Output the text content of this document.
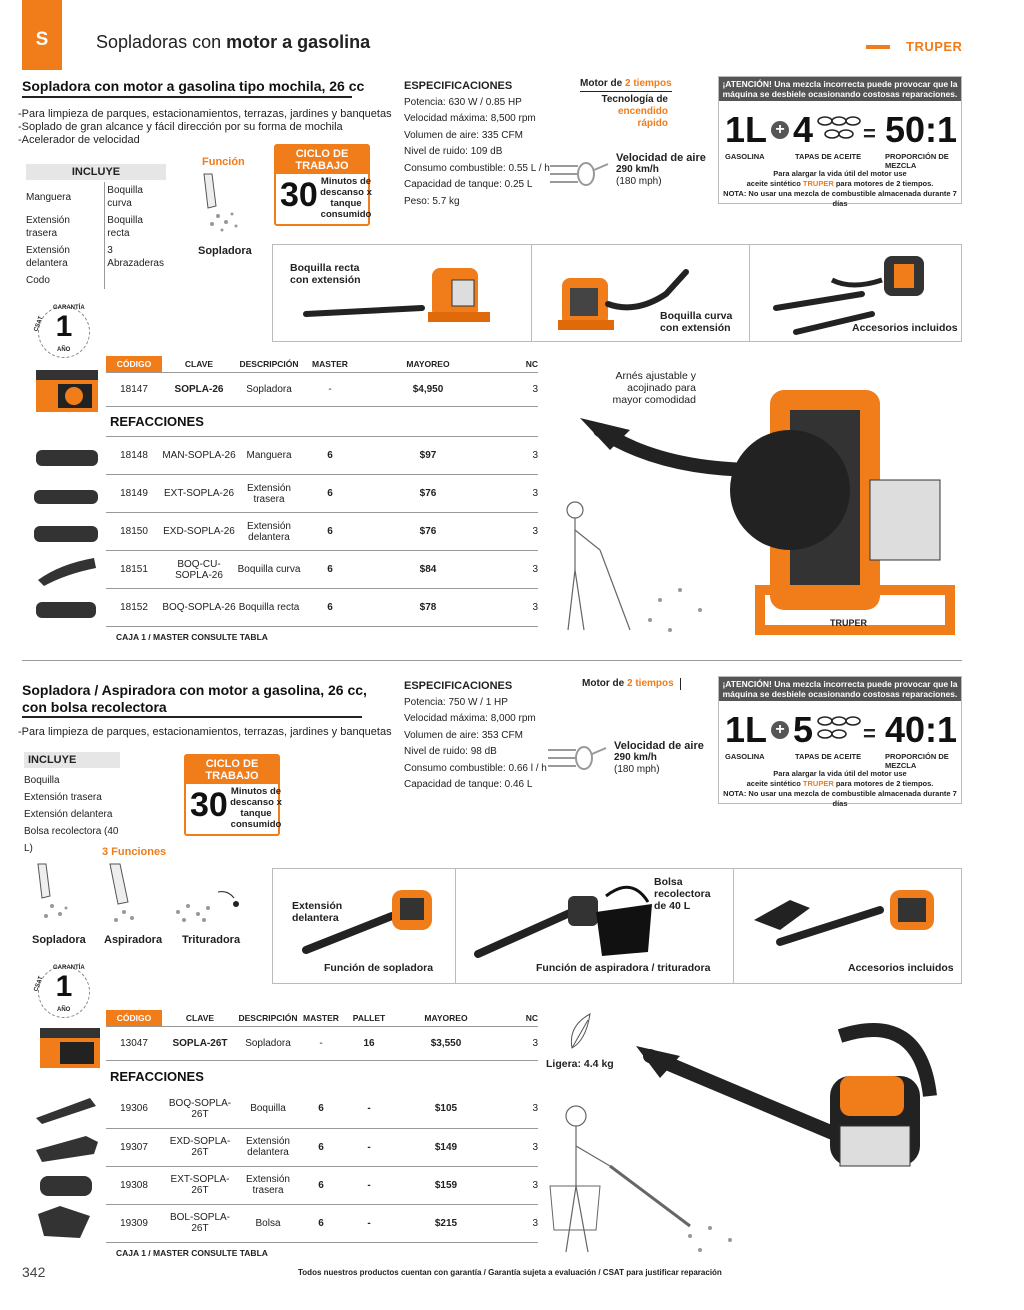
S	Sopladoras con motor a gasolina	TRUPER
Sopladora con motor a gasolina tipo mochila, 26 cc
-Para limpieza de parques, estacionamientos, terrazas, jardines y banquetas
-Soplado de gran alcance y fácil dirección por su forma de mochila
-Acelerador de velocidad
INCLUYE
Manguera	Boquilla curva
Extensión trasera	Boquilla recta
Extensión delantera	3 Abrazaderas
Codo	
Función
Sopladora
CICLO DE TRABAJO
30 Minutos de descanso x tanque consumido
ESPECIFICACIONES
Potencia: 630 W / 0.85 HP
Velocidad máxima: 8,500 rpm
Volumen de aire: 335 CFM
Nivel de ruido: 109 dB
Consumo combustible: 0.55 L / h
Capacidad de tanque: 0.25 L
Peso: 5.7 kg
Motor de 2 tiempos
Tecnología de
encendido rápido
Velocidad de aire
290 km/h
(180 mph)
¡ATENCIÓN! Una mezcla incorrecta puede provocar que la máquina se desbiele ocasionando costosas reparaciones.
1L + 4 = 50:1
GASOLINA	TAPAS DE ACEITE	PROPORCIÓN DE MEZCLA
Para alargar la vida útil del motor use
aceite sintético TRUPER para motores de 2 tiempos.
NOTA: No usar una mezcla de combustible almacenada durante 7 días
Boquilla recta con extensión
Boquilla curva con extensión	Accesorios incluidos
1
CSAT
GARANTÍA
AÑO
CÓDIGO	CLAVE	DESCRIPCIÓN	MASTER	MAYOREO	NC
18147	SOPLA-26	Sopladora	-	$4,950	3
REFACCIONES
18148	MAN-SOPLA-26	Manguera	6	$97	3
18149	EXT-SOPLA-26	Extensión trasera	6	$76	3
18150	EXD-SOPLA-26	Extensión delantera	6	$76	3
18151	BOQ-CU-SOPLA-26	Boquilla curva	6	$84	3
18152	BOQ-SOPLA-26	Boquilla recta	6	$78	3
CAJA 1 / MASTER CONSULTE TABLA
Arnés ajustable y acojinado para mayor comodidad
TRUPER
Sopladora / Aspiradora con motor a gasolina, 26 cc,
con bolsa recolectora
-Para limpieza de parques, estacionamientos, terrazas, jardines y banquetas
INCLUYE
Boquilla
Extensión trasera
Extensión delantera
Bolsa recolectora (40 L)
CICLO DE TRABAJO
30 Minutos de descanso x tanque consumido
3 Funciones
Sopladora Aspiradora Trituradora
ESPECIFICACIONES
Potencia: 750 W / 1 HP
Velocidad máxima: 8,000 rpm
Volumen de aire: 353 CFM
Nivel de ruido: 98 dB
Consumo combustible: 0.66 l / h
Capacidad de tanque: 0.46 L
Motor de 2 tiempos
Velocidad de aire
290 km/h
(180 mph)
¡ATENCIÓN! Una mezcla incorrecta puede provocar que la máquina se desbiele ocasionando costosas reparaciones.
1L + 5 = 40:1
GASOLINA	TAPAS DE ACEITE	PROPORCIÓN DE MEZCLA
Para alargar la vida útil del motor use
aceite sintético TRUPER para motores de 2 tiempos.
NOTA: No usar una mezcla de combustible almacenada durante 7 días
Extensión delantera
Función de sopladora
Bolsa recolectora de 40 L
Función de aspiradora / trituradora	Accesorios incluidos
1
CSAT
GARANTÍA
AÑO
CÓDIGO	CLAVE	DESCRIPCIÓN	MASTER	PALLET	MAYOREO	NC
13047	SOPLA-26T	Sopladora	-	16	$3,550	3
REFACCIONES
19306	BOQ-SOPLA-26T	Boquilla	6	-	$105	3
19307	EXD-SOPLA-26T	Extensión delantera	6	-	$149	3
19308	EXT-SOPLA-26T	Extensión trasera	6	-	$159	3
19309	BOL-SOPLA-26T	Bolsa	6	-	$215	3
CAJA 1 / MASTER CONSULTE TABLA
Ligera: 4.4 kg
342	Todos nuestros productos cuentan con garantía / Garantía sujeta a evaluación / CSAT para justificar reparación
